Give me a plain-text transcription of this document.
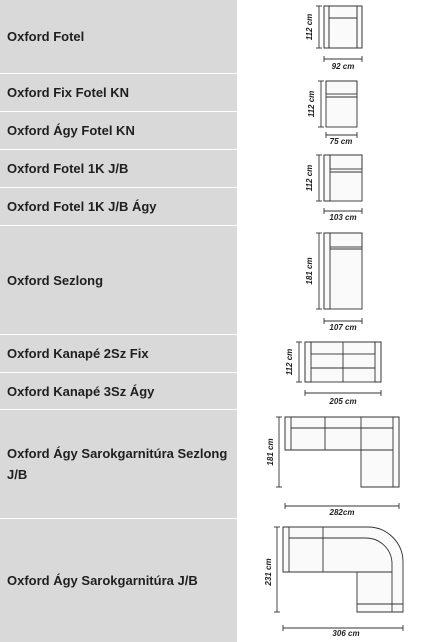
Oxford Fotel
Oxford Fix Fotel KN
Oxford Ágy Fotel KN
Oxford Fotel 1K J/B
Oxford Fotel 1K J/B Ágy
Oxford Sezlong
Oxford Kanapé 2Sz Fix
Oxford Kanapé 3Sz Ágy
Oxford Ágy Sarokgarnitúra Sezlong J/B
Oxford Ágy Sarokgarnitúra J/B
112 cm
92 cm
112 cm
75 cm
112 cm
103 cm
181 cm
107 cm
112 cm
205 cm
181 cm
282cm
231 cm
306 cm
